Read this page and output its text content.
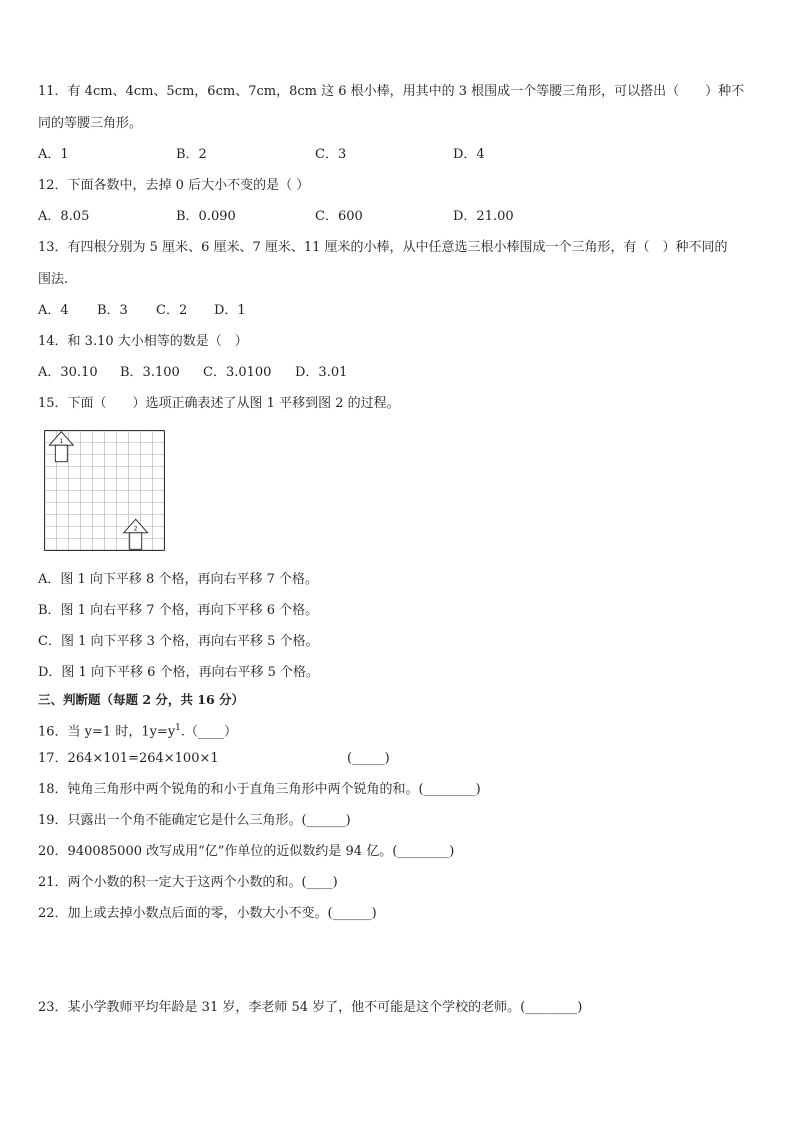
11．有 4cm、4cm、5cm，6cm、7cm，8cm 这 6 根小棒，用其中的 3 根围成一个等腰三角形，可以搭出（　　）种不
同的等腰三角形。
A．1	B．2	C．3	D．4
12．下面各数中，去掉 0 后大小不变的是（ ）
A．8.05	B．0.090	C．600	D．21.00
13．有四根分别为 5 厘米、6 厘米、7 厘米、11 厘米的小棒，从中任意选三根小棒围成一个三角形，有（　）种不同的
围法.
A．4 B．3 C．2 D．1
14．和 3.10 大小相等的数是（　）
A．30.10 B．3.100 C．3.0100 D．3.01
15．下面（　　）选项正确表述了从图 1 平移到图 2 的过程。
1
2
A．图 1 向下平移 8 个格，再向右平移 7 个格。
B．图 1 向右平移 7 个格，再向下平移 6 个格。
C．图 1 向下平移 3 个格，再向右平移 5 个格。
D．图 1 向下平移 6 个格，再向右平移 5 个格。
三、判断题（每题 2 分，共 16 分）
16．当 y=1 时，$1y=y^1.(\_\_\_\_)$
17．264×101=264×100×1	(_____)
18．钝角三角形中两个锐角的和小于直角三角形中两个锐角的和。(________)
19．只露出一个角不能确定它是什么三角形。(______)
20．940085000 改写成用“亿”作单位的近似数约是 94 亿。(________)
21．两个小数的积一定大于这两个小数的和。(____)
22．加上或去掉小数点后面的零，小数大小不变。(______)
23．某小学教师平均年龄是 31 岁，李老师 54 岁了，他不可能是这个学校的老师。(________)
